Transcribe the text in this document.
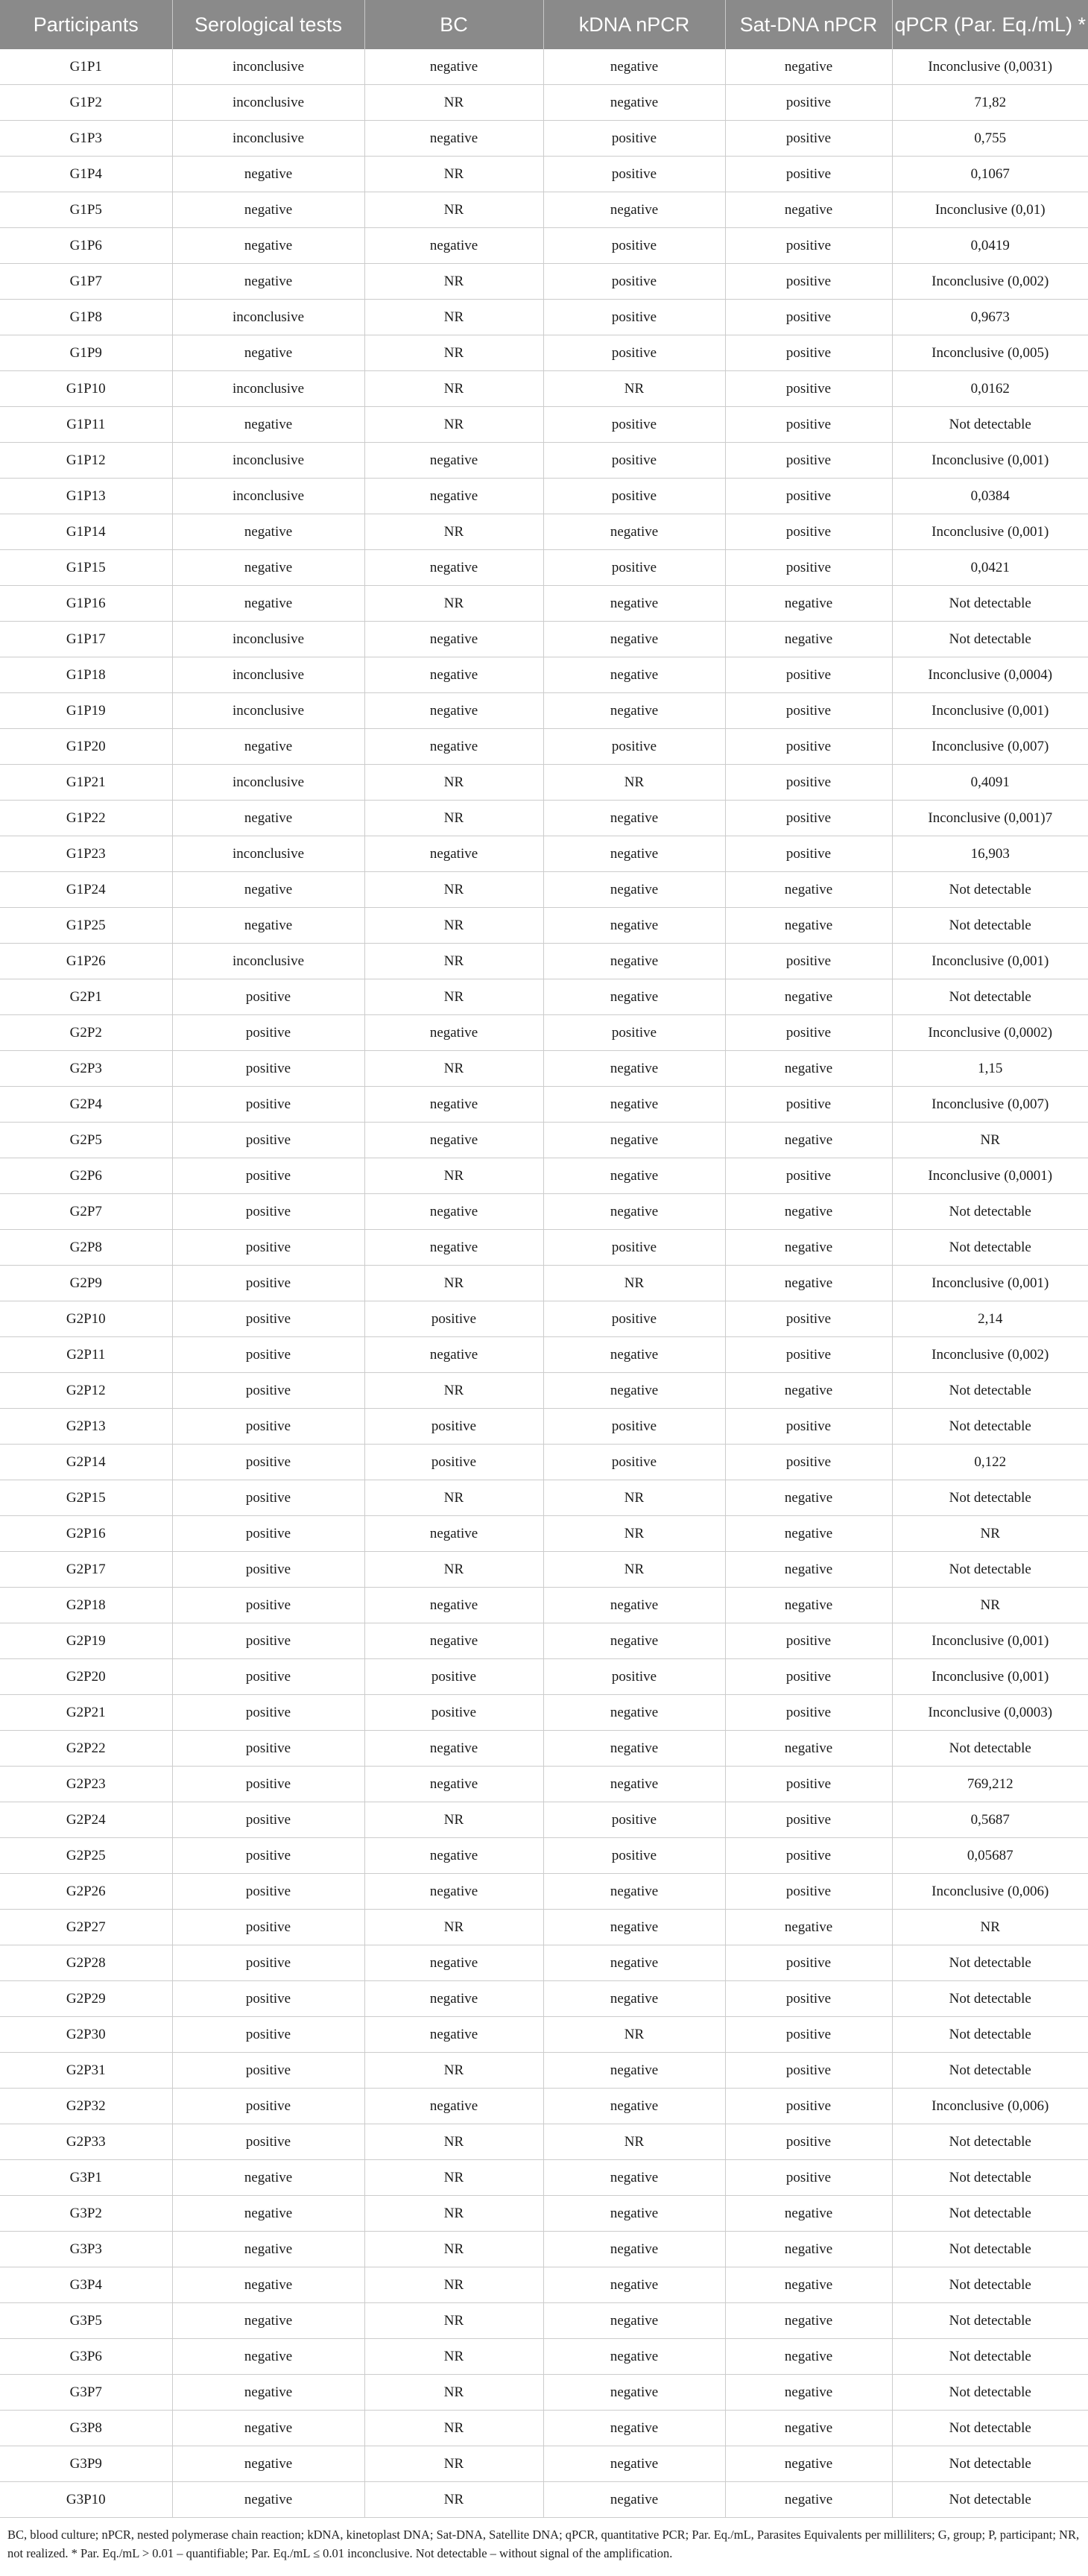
Participants	Serological tests	BC	kDNA nPCR	Sat-DNA nPCR	qPCR (Par. Eq./mL) *
G1P1	inconclusive	negative	negative	negative	Inconclusive (0,0031)
G1P2	inconclusive	NR	negative	positive	71,82
G1P3	inconclusive	negative	positive	positive	0,755
G1P4	negative	NR	positive	positive	0,1067
G1P5	negative	NR	negative	negative	Inconclusive (0,01)
G1P6	negative	negative	positive	positive	0,0419
G1P7	negative	NR	positive	positive	Inconclusive (0,002)
G1P8	inconclusive	NR	positive	positive	0,9673
G1P9	negative	NR	positive	positive	Inconclusive (0,005)
G1P10	inconclusive	NR	NR	positive	0,0162
G1P11	negative	NR	positive	positive	Not detectable
G1P12	inconclusive	negative	positive	positive	Inconclusive (0,001)
G1P13	inconclusive	negative	positive	positive	0,0384
G1P14	negative	NR	negative	positive	Inconclusive (0,001)
G1P15	negative	negative	positive	positive	0,0421
G1P16	negative	NR	negative	negative	Not detectable
G1P17	inconclusive	negative	negative	negative	Not detectable
G1P18	inconclusive	negative	negative	positive	Inconclusive (0,0004)
G1P19	inconclusive	negative	negative	positive	Inconclusive (0,001)
G1P20	negative	negative	positive	positive	Inconclusive (0,007)
G1P21	inconclusive	NR	NR	positive	0,4091
G1P22	negative	NR	negative	positive	Inconclusive (0,001)7
G1P23	inconclusive	negative	negative	positive	16,903
G1P24	negative	NR	negative	negative	Not detectable
G1P25	negative	NR	negative	negative	Not detectable
G1P26	inconclusive	NR	negative	positive	Inconclusive (0,001)
G2P1	positive	NR	negative	negative	Not detectable
G2P2	positive	negative	positive	positive	Inconclusive (0,0002)
G2P3	positive	NR	negative	negative	1,15
G2P4	positive	negative	negative	positive	Inconclusive (0,007)
G2P5	positive	negative	negative	negative	NR
G2P6	positive	NR	negative	positive	Inconclusive (0,0001)
G2P7	positive	negative	negative	negative	Not detectable
G2P8	positive	negative	positive	negative	Not detectable
G2P9	positive	NR	NR	negative	Inconclusive (0,001)
G2P10	positive	positive	positive	positive	2,14
G2P11	positive	negative	negative	positive	Inconclusive (0,002)
G2P12	positive	NR	negative	negative	Not detectable
G2P13	positive	positive	positive	positive	Not detectable
G2P14	positive	positive	positive	positive	0,122
G2P15	positive	NR	NR	negative	Not detectable
G2P16	positive	negative	NR	negative	NR
G2P17	positive	NR	NR	negative	Not detectable
G2P18	positive	negative	negative	negative	NR
G2P19	positive	negative	negative	positive	Inconclusive (0,001)
G2P20	positive	positive	positive	positive	Inconclusive (0,001)
G2P21	positive	positive	negative	positive	Inconclusive (0,0003)
G2P22	positive	negative	negative	negative	Not detectable
G2P23	positive	negative	negative	positive	769,212
G2P24	positive	NR	positive	positive	0,5687
G2P25	positive	negative	positive	positive	0,05687
G2P26	positive	negative	negative	positive	Inconclusive (0,006)
G2P27	positive	NR	negative	negative	NR
G2P28	positive	negative	negative	positive	Not detectable
G2P29	positive	negative	negative	positive	Not detectable
G2P30	positive	negative	NR	positive	Not detectable
G2P31	positive	NR	negative	positive	Not detectable
G2P32	positive	negative	negative	positive	Inconclusive (0,006)
G2P33	positive	NR	NR	positive	Not detectable
G3P1	negative	NR	negative	positive	Not detectable
G3P2	negative	NR	negative	negative	Not detectable
G3P3	negative	NR	negative	negative	Not detectable
G3P4	negative	NR	negative	negative	Not detectable
G3P5	negative	NR	negative	negative	Not detectable
G3P6	negative	NR	negative	negative	Not detectable
G3P7	negative	NR	negative	negative	Not detectable
G3P8	negative	NR	negative	negative	Not detectable
G3P9	negative	NR	negative	negative	Not detectable
G3P10	negative	NR	negative	negative	Not detectable
BC, blood culture; nPCR, nested polymerase chain reaction; kDNA, kinetoplast DNA; Sat-DNA, Satellite DNA; qPCR, quantitative PCR; Par. Eq./mL, Parasites Equivalents per milliliters; G, group; P, participant; NR, not realized. * Par. Eq./mL > 0.01 – quantifiable; Par. Eq./mL ≤ 0.01 inconclusive. Not detectable – without signal of the amplification.
